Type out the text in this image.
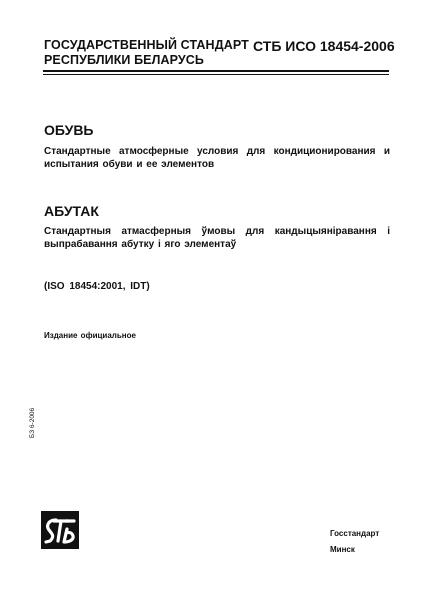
ГОСУДАРСТВЕННЫЙ СТАНДАРТ
РЕСПУБЛИКИ БЕЛАРУСЬ
СТБ ИСО 18454-2006
ОБУВЬ
Стандартные атмосферные условия для кондиционирования и испытания обуви и ее элементов
АБУТАК
Стандартныя атмасферныя ўмовы для кандыцыяніравання і выпрабавання абутку і яго элементаў
(ISO 18454:2001, IDT)
Издание официальное
БЗ 6-2006
Госстандарт
Минск
